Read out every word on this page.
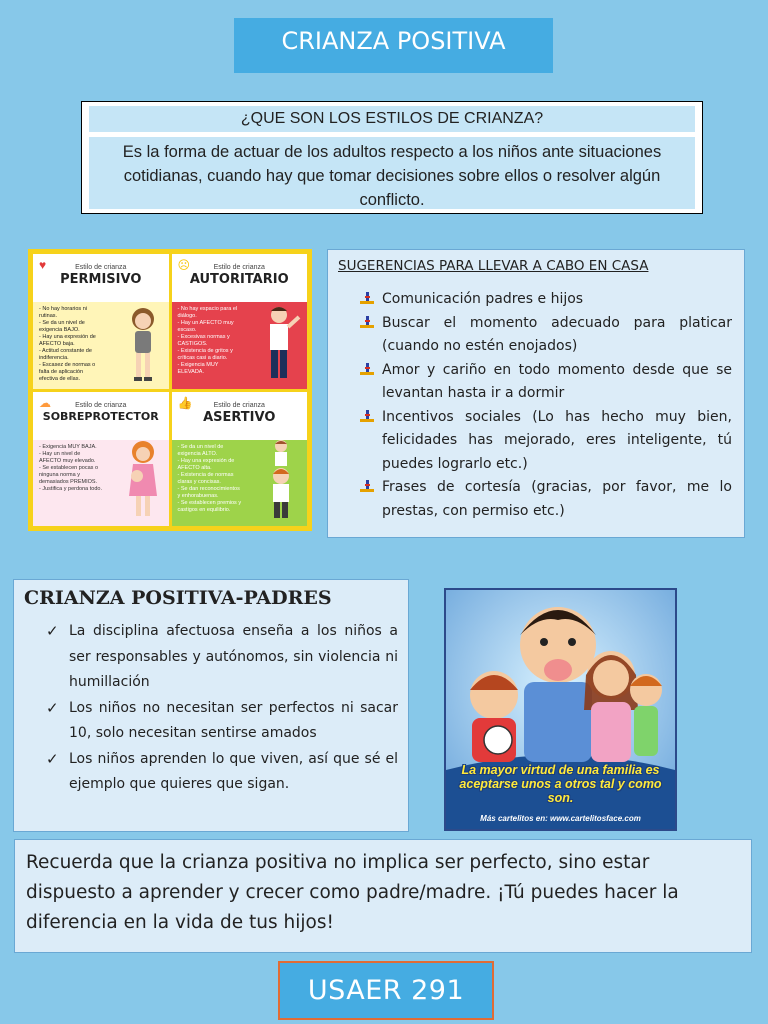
CRIANZA POSITIVA
¿QUE SON LOS ESTILOS DE CRIANZA?
Es la forma de actuar de los adultos respecto a los niños ante situaciones cotidianas, cuando hay que tomar decisiones sobre ellos o resolver algún conflicto.
♥	Estilo de crianza
PERMISIVO
- No hay horarios ni rutinas.
- Se da un nivel de exigencia BAJO.
- Hay una expresión de AFECTO baja.
- Actitud constante de indiferencia.
- Escasez de normas o falta de aplicación efectiva de ellas.
☹	Estilo de crianza
AUTORITARIO
- No hay espacio para el diálogo.
- Hay un AFECTO muy escaso.
- Excesivas normas y CASTIGOS.
- Existencia de gritos y críticas casi a diario.
- Exigencia MUY ELEVADA.
☁	Estilo de crianza
SOBREPROTECTOR
- Exigencia MUY BAJA.
- Hay un nivel de AFECTO muy elevado.
- Se establecen pocas o ninguna norma y demasiados PREMIOS.
- Justifica y perdona todo.
👍	Estilo de crianza
ASERTIVO
- Se da un nivel de exigencia ALTO.
- Hay una expresión de AFECTO alta.
- Existencia de normas claras y concisas.
- Se dan reconocimientos y enhorabuenas.
- Se establecen premios y castigos en equilibrio.
SUGERENCIAS PARA LLEVAR A CABO EN CASA
Comunicación padres e hijos
Buscar el momento adecuado para platicar (cuando no estén enojados)
Amor y cariño en todo momento desde que se levantan hasta ir a dormir
Incentivos sociales (Lo has hecho muy bien, felicidades has mejorado, eres inteligente, tú puedes lograrlo etc.)
Frases de cortesía (gracias, por favor, me lo prestas, con permiso etc.)
CRIANZA POSITIVA-PADRES
✓ La disciplina afectuosa enseña a los niños a ser responsables y autónomos, sin violencia ni humillación
✓ Los niños no necesitan ser perfectos ni sacar 10, solo necesitan sentirse amados
✓ Los niños aprenden lo que viven, así que sé el ejemplo que quieres que sigan.
La mayor virtud de una familia es aceptarse unos a otros tal y como son.
Más cartelitos en: www.cartelitosface.com
Recuerda que la crianza positiva no implica ser perfecto, sino estar dispuesto a aprender y crecer como padre/madre. ¡Tú puedes hacer la diferencia en la vida de tus hijos!
USAER 291
